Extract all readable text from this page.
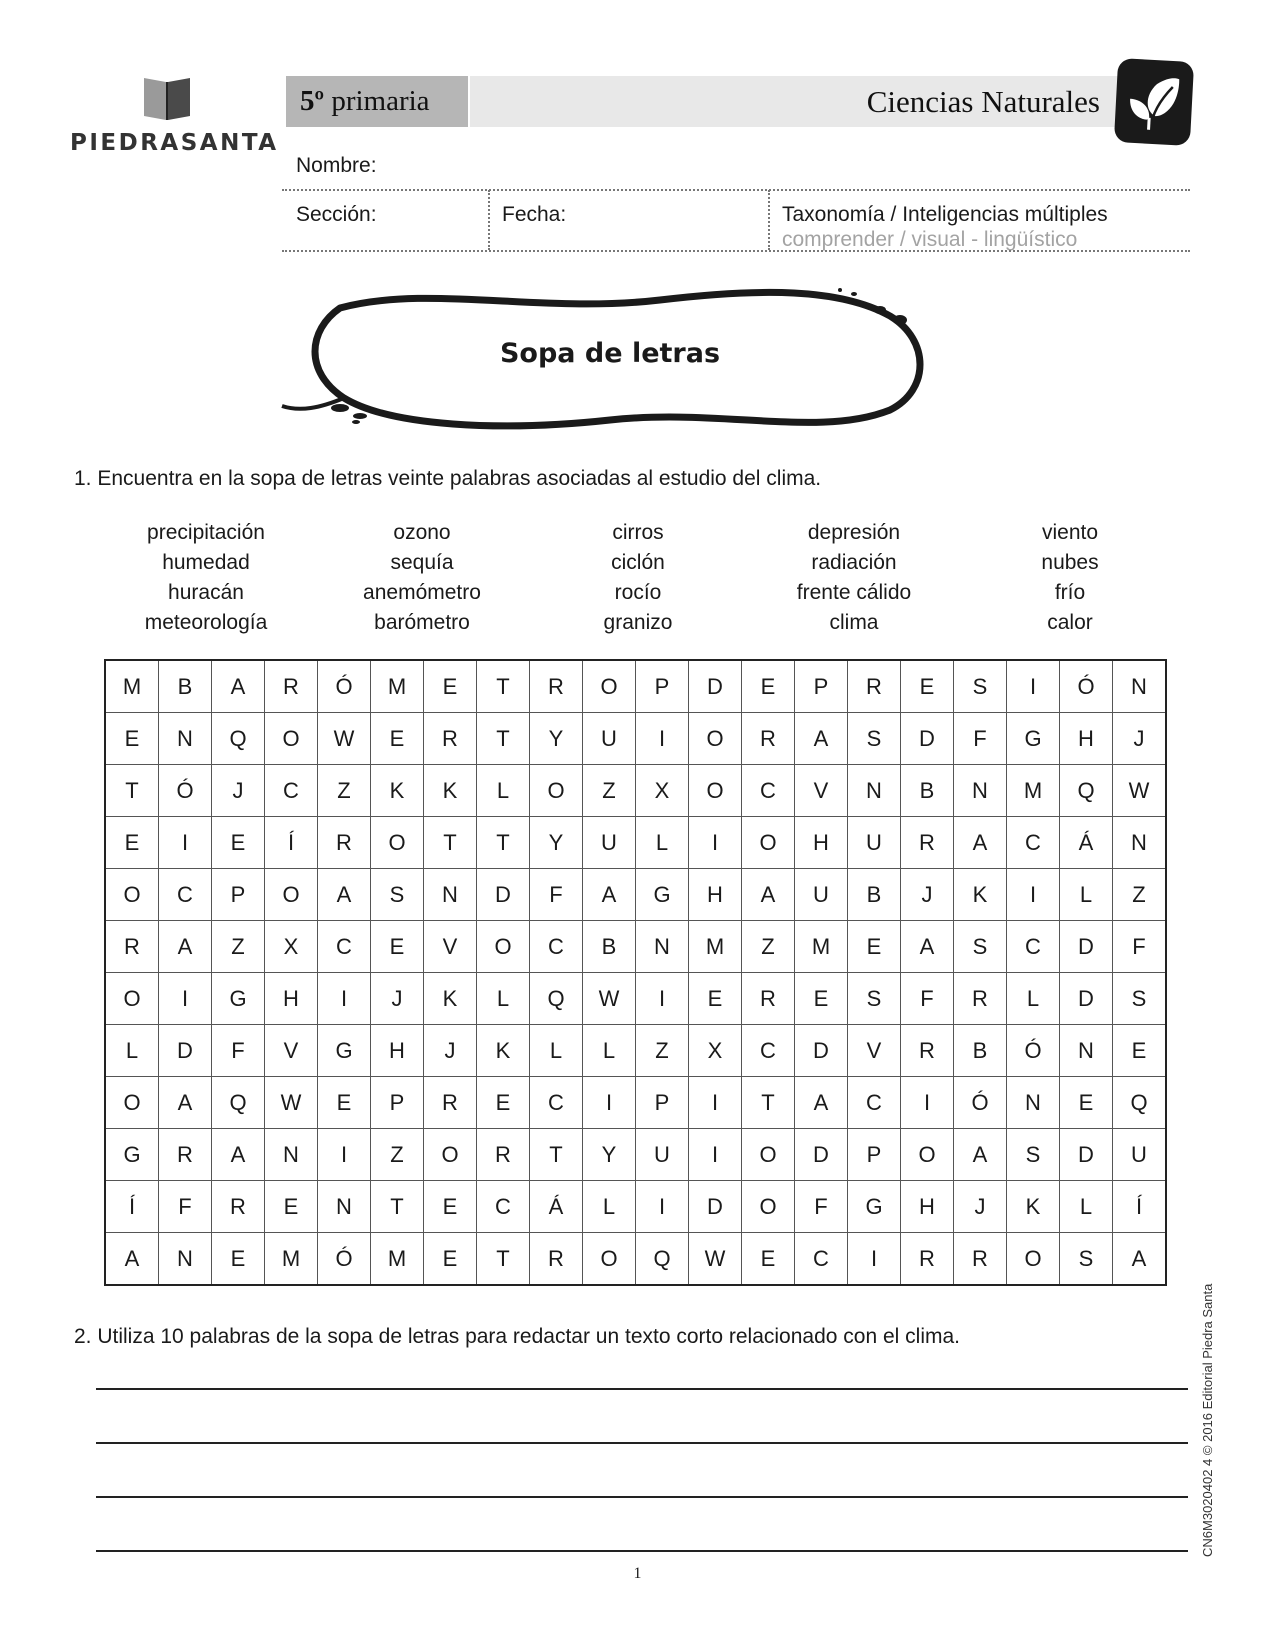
PIEDRASANTA
5º primaria	Ciencias Naturales
Nombre:
Sección:	Fecha:	Taxonomía / Inteligencias múltiples
comprender / visual - lingüístico
Sopa de letras
1. Encuentra en la sopa de letras veinte palabras asociadas al estudio del clima.
precipitación
humedad
huracán
meteorología
ozono
sequía
anemómetro
barómetro
cirros
ciclón
rocío
granizo
depresión
radiación
frente cálido
clima
viento
nubes
frío
calor
M	B	A	R	Ó	M	E	T	R	O	P	D	E	P	R	E	S	I	Ó	N
E	N	Q	O	W	E	R	T	Y	U	I	O	R	A	S	D	F	G	H	J
T	Ó	J	C	Z	K	K	L	O	Z	X	O	C	V	N	B	N	M	Q	W
E	I	E	Í	R	O	T	T	Y	U	L	I	O	H	U	R	A	C	Á	N
O	C	P	O	A	S	N	D	F	A	G	H	A	U	B	J	K	I	L	Z
R	A	Z	X	C	E	V	O	C	B	N	M	Z	M	E	A	S	C	D	F
O	I	G	H	I	J	K	L	Q	W	I	E	R	E	S	F	R	L	D	S
L	D	F	V	G	H	J	K	L	L	Z	X	C	D	V	R	B	Ó	N	E
O	A	Q	W	E	P	R	E	C	I	P	I	T	A	C	I	Ó	N	E	Q
G	R	A	N	I	Z	O	R	T	Y	U	I	O	D	P	O	A	S	D	U
Í	F	R	E	N	T	E	C	Á	L	I	D	O	F	G	H	J	K	L	Í
A	N	E	M	Ó	M	E	T	R	O	Q	W	E	C	I	R	R	O	S	A
2. Utiliza 10 palabras de la sopa de letras para redactar un texto corto relacionado con el clima.
1
CN6M3020402 4 © 2016 Editorial Piedra Santa
